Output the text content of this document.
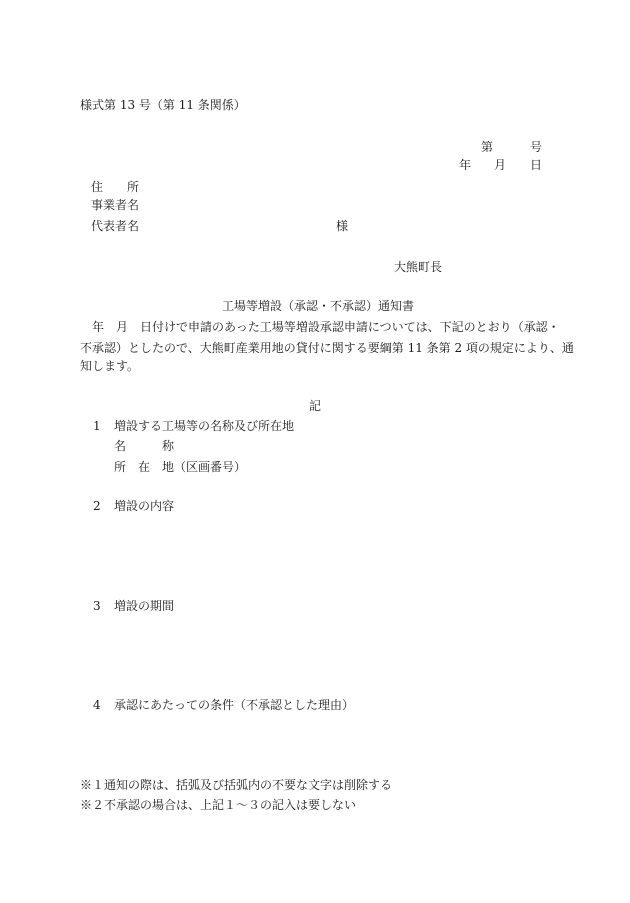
様式第 13 号（第 11 条関係）
第	号
年 月 日
住　　所
事業者名
代表者名	様
大熊町長
工場等増設（承認・不承認）通知書
　年　月　日付けで申請のあった工場等増設承認申請については、下記のとおり（承認・
不承認）としたので、大熊町産業用地の貸付に関する要綱第 11 条第 2 項の規定により、通
知します。
記
1 増設する工場等の名称及び所在地
名　　　称
所　在　地（区画番号）
2 増設の内容
3 増設の期間
4 承認にあたっての条件（不承認とした理由）
※１通知の際は、括弧及び括弧内の不要な文字は削除する
※２不承認の場合は、上記１～３の記入は要しない
